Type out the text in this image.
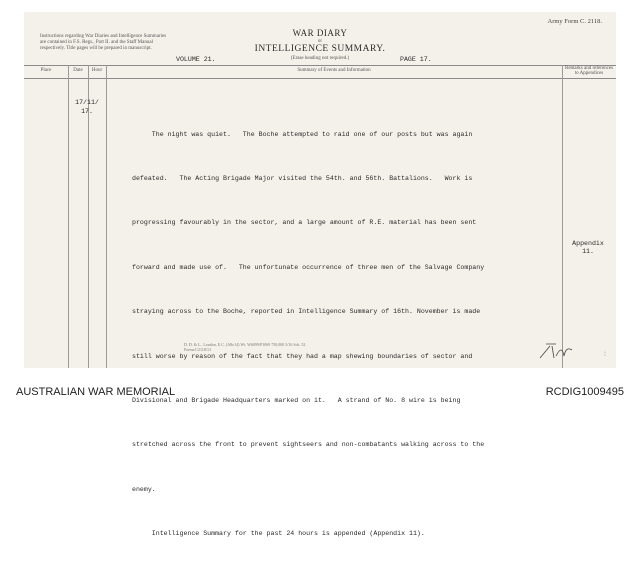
Instructions regarding War Diaries and Intelligence Summaries are contained in F.S. Regs., Part II. and the Staff Manual respectively. Title pages will be prepared in manuscript.
Army Form C. 2118.
WAR DIARY
or
INTELLIGENCE SUMMARY.
(Erase heading not required.)
VOLUME 21.	PAGE 17.
Place	Date	Hour	Summary of Events and Information	Remarks and references to Appendices
17/11/
17.

The night was quiet.   The Boche attempted to raid one of our posts but was again

defeated.   The Acting Brigade Major visited the 54th. and 56th. Battalions.   Work is

progressing favourably in the sector, and a large amount of R.E. material has been sent

forward and made use of.   The unfortunate occurrence of three men of the Salvage Company

straying across to the Boche, reported in Intelligence Summary of 16th. November is made

still worse by reason of the fact that they had a map shewing boundaries of sector and

Divisional and Brigade Headquarters marked on it.   A strand of No. 8 wire is being

stretched across the front to prevent sightseers and non-combatants walking across to the

enemy.

Intelligence Summary for the past 24 hours is appended (Appendix 11).

Appendix
11.
D. D. & L., London, E.C. (A8o14) Wt. W6099/P1069 750,000 3/16 Sch. 52 Forms/C2118/13
¦¦
AUSTRALIAN WAR MEMORIAL	RCDIG1009495
